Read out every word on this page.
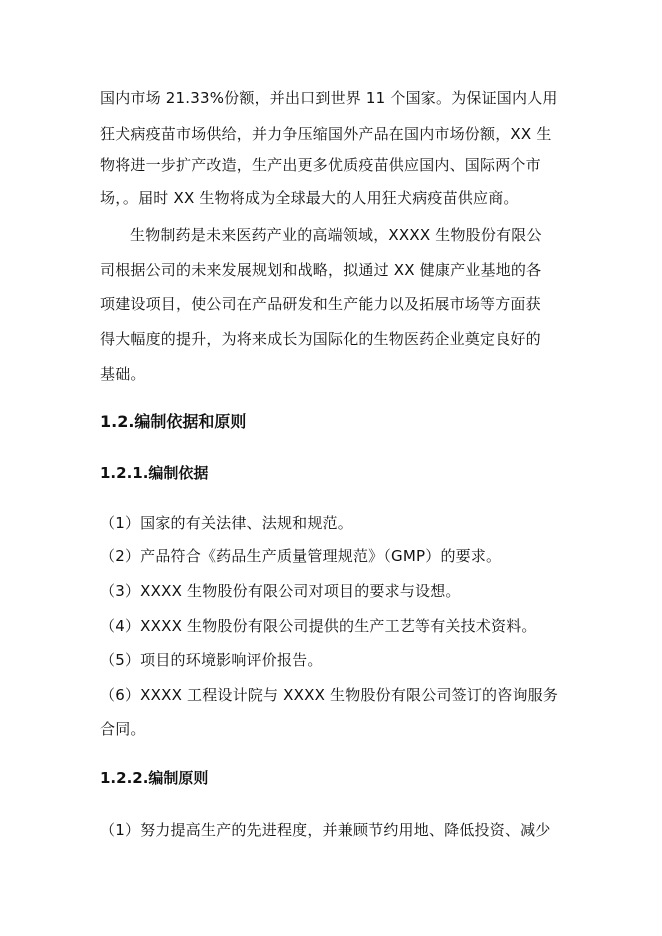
国内市场 21.33%份额，并出口到世界 11 个国家。为保证国内人用
狂犬病疫苗市场供给，并力争压缩国外产品在国内市场份额，XX 生
物将进一步扩产改造，生产出更多优质疫苗供应国内、国际两个市
场，。届时 XX 生物将成为全球最大的人用狂犬病疫苗供应商。
生物制药是未来医药产业的高端领域，XXXX 生物股份有限公
司根据公司的未来发展规划和战略，拟通过 XX 健康产业基地的各
项建设项目，使公司在产品研发和生产能力以及拓展市场等方面获
得大幅度的提升，为将来成长为国际化的生物医药企业奠定良好的
基础。
1.2.编制依据和原则
1.2.1.编制依据
（1）国家的有关法律、法规和规范。
（2）产品符合《药品生产质量管理规范》（GMP）的要求。
（3）XXXX 生物股份有限公司对项目的要求与设想。
（4）XXXX 生物股份有限公司提供的生产工艺等有关技术资料。
（5）项目的环境影响评价报告。
（6）XXXX 工程设计院与 XXXX 生物股份有限公司签订的咨询服务
合同。
1.2.2.编制原则
（1）努力提高生产的先进程度，并兼顾节约用地、降低投资、减少
